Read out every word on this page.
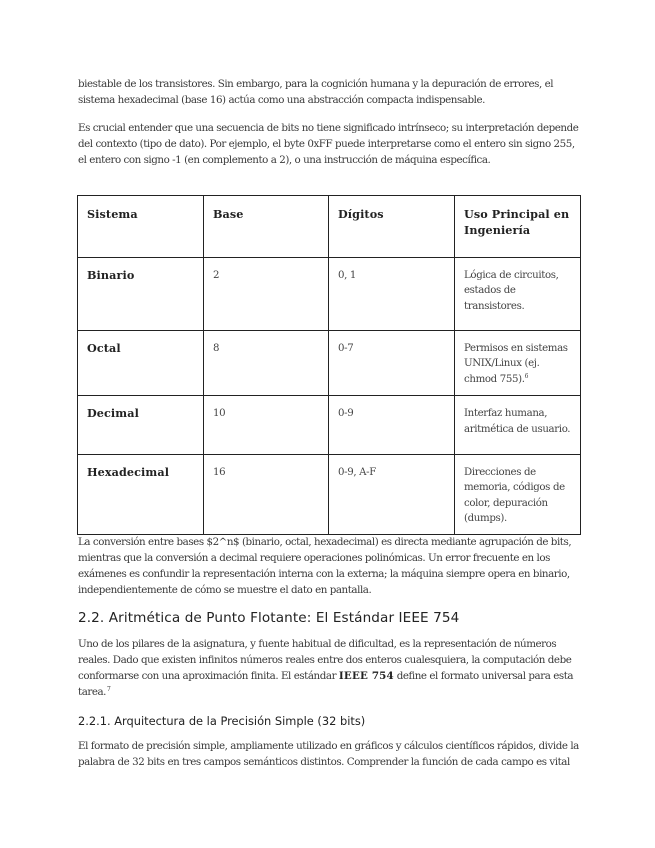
biestable de los transistores. Sin embargo, para la cognición humana y la depuración de errores, el sistema hexadecimal (base 16) actúa como una abstracción compacta indispensable.

Es crucial entender que una secuencia de bits no tiene significado intrínseco; su interpretación depende del contexto (tipo de dato). Por ejemplo, el byte 0xFF puede interpretarse como el entero sin signo 255, el entero con signo -1 (en complemento a 2), o una instrucción de máquina específica.

Sistema	Base	Dígitos	Uso Principal en Ingeniería
Binario	2	0, 1	Lógica de circuitos, estados de transistores.
Octal	8	0-7	Permisos en sistemas UNIX/Linux (ej. chmod 755).$^6$
Decimal	10	0-9	Interfaz humana, aritmética de usuario.
Hexadecimal	16	0-9, A-F	Direcciones de memoria, códigos de color, depuración (dumps).

La conversión entre bases $2^n$ (binario, octal, hexadecimal) es directa mediante agrupación de bits, mientras que la conversión a decimal requiere operaciones polinómicas. Un error frecuente en los exámenes es confundir la representación interna con la externa; la máquina siempre opera en binario, independientemente de cómo se muestre el dato en pantalla.

2.2. Aritmética de Punto Flotante: El Estándar IEEE 754

Uno de los pilares de la asignatura, y fuente habitual de dificultad, es la representación de números reales. Dado que existen infinitos números reales entre dos enteros cualesquiera, la computación debe conformarse con una aproximación finita. El estándar IEEE 754 define el formato universal para esta tarea.$^7$

2.2.1. Arquitectura de la Precisión Simple (32 bits)

El formato de precisión simple, ampliamente utilizado en gráficos y cálculos científicos rápidos, divide la palabra de 32 bits en tres campos semánticos distintos. Comprender la función de cada campo es vital
